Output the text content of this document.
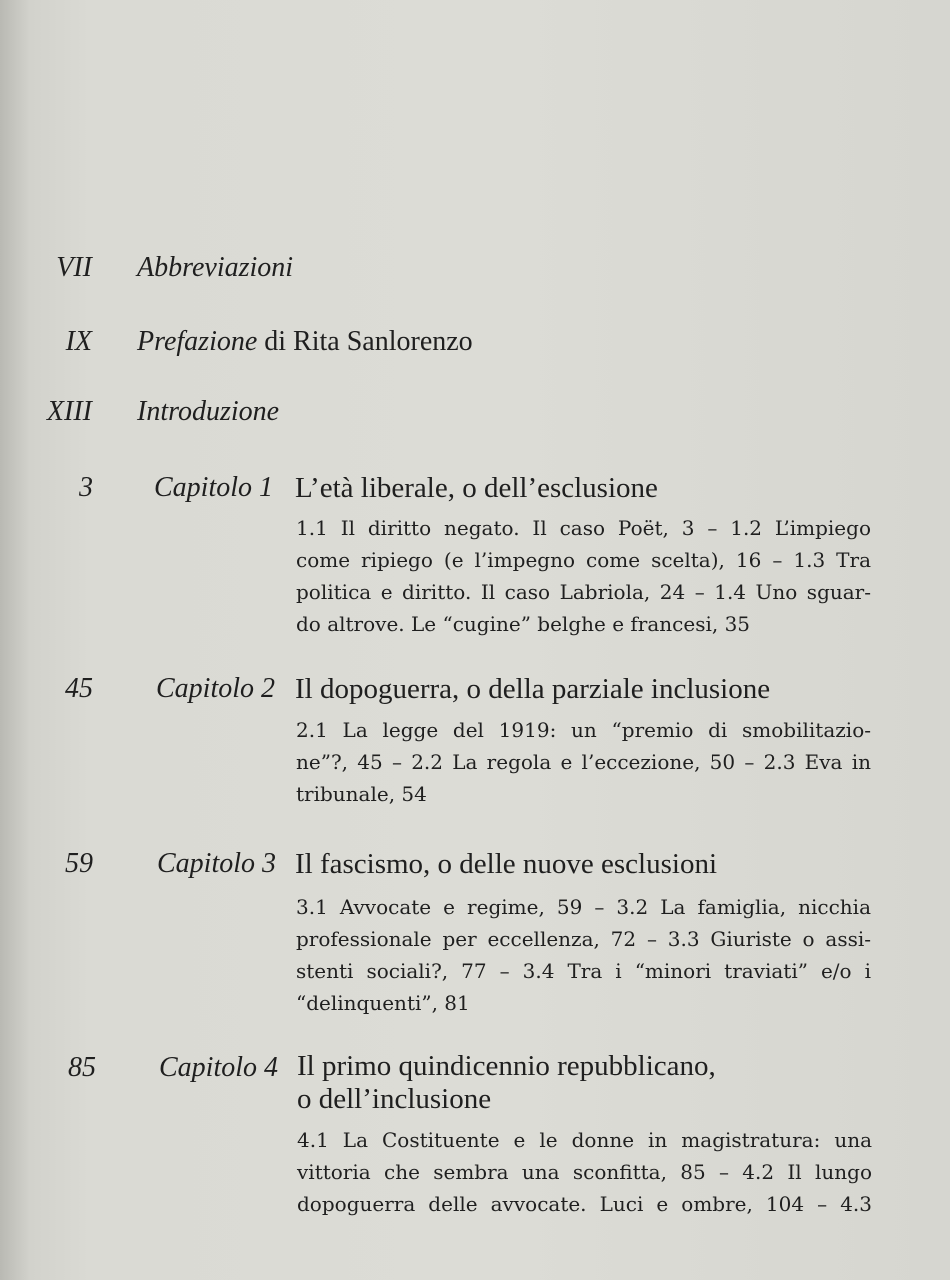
VII Abbreviazioni
IX Prefazione di Rita Sanlorenzo
XIII Introduzione
3	Capitolo 1 L’età liberale, o dell’esclusione
1.1 Il diritto negato. Il caso Poët, 3 – 1.2 L’impiego
come ripiego (e l’impegno come scelta), 16 – 1.3 Tra
politica e diritto. Il caso Labriola, 24 – 1.4 Uno sguar-
do altrove. Le “cugine” belghe e francesi, 35
45	Capitolo 2 Il dopoguerra, o della parziale inclusione
2.1 La legge del 1919: un “premio di smobilitazio-
ne”?, 45 – 2.2 La regola e l’eccezione, 50 – 2.3 Eva in
tribunale, 54
59	Capitolo 3 Il fascismo, o delle nuove esclusioni
3.1 Avvocate e regime, 59 – 3.2 La famiglia, nicchia
professionale per eccellenza, 72 – 3.3 Giuriste o assi-
stenti sociali?, 77 – 3.4 Tra i “minori traviati” e/o i
“delinquenti”, 81
85	Capitolo 4 Il primo quindicennio repubblicano,
o dell’inclusione
4.1 La Costituente e le donne in magistratura: una
vittoria che sembra una sconfitta, 85 – 4.2 Il lungo
dopoguerra delle avvocate. Luci e ombre, 104 – 4.3
